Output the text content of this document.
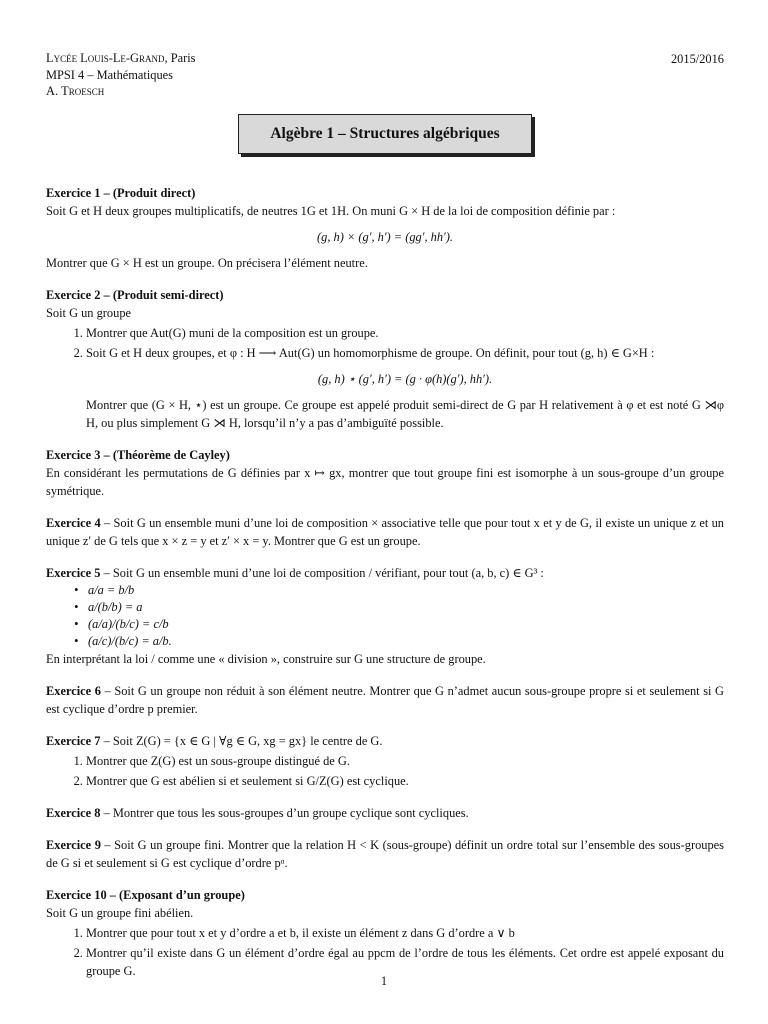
Lycée Louis-Le-Grand, Paris
MPSI 4 – Mathématiques
A. Troesch
2015/2016
Algèbre 1 – Structures algébriques

Exercice 1 – (Produit direct)

Soit G et H deux groupes multiplicatifs, de neutres 1G et 1H. On muni G × H de la loi de composition définie par :

(g, h) × (g′, h′) = (gg′, hh′).

Montrer que G × H est un groupe. On précisera l’élément neutre.

Exercice 2 – (Produit semi-direct)

Soit G un groupe

1. Montrer que Aut(G) muni de la composition est un groupe.
2. Soit G et H deux groupes, et φ : H ⟶ Aut(G) un homomorphisme de groupe. On définit, pour tout (g, h) ∈ G×H :
(g, h) ⋆ (g′, h′) = (g · φ(h)(g′), hh′).
Montrer que (G × H, ⋆) est un groupe. Ce groupe est appelé produit semi-direct de G par H relativement à φ et est noté G ⋊φ H, ou plus simplement G ⋊ H, lorsqu’il n’y a pas d’ambiguïté possible.

Exercice 3 – (Théorème de Cayley)

En considérant les permutations de G définies par x ↦ gx, montrer que tout groupe fini est isomorphe à un sous-groupe d’un groupe symétrique.

Exercice 4 – Soit G un ensemble muni d’une loi de composition × associative telle que pour tout x et y de G, il existe un unique z et un unique z′ de G tels que x × z = y et z′ × x = y. Montrer que G est un groupe.

Exercice 5 – Soit G un ensemble muni d’une loi de composition / vérifiant, pour tout (a, b, c) ∈ G³ :

• a/a = b/b
• a/(b/b) = a
• (a/a)/(b/c) = c/b
• (a/c)/(b/c) = a/b.

En interprétant la loi / comme une « division », construire sur G une structure de groupe.

Exercice 6 – Soit G un groupe non réduit à son élément neutre. Montrer que G n’admet aucun sous-groupe propre si et seulement si G est cyclique d’ordre p premier.

Exercice 7 – Soit Z(G) = {x ∈ G | ∀g ∈ G, xg = gx} le centre de G.

1. Montrer que Z(G) est un sous-groupe distingué de G.
2. Montrer que G est abélien si et seulement si G/Z(G) est cyclique.

Exercice 8 – Montrer que tous les sous-groupes d’un groupe cyclique sont cycliques.

Exercice 9 – Soit G un groupe fini. Montrer que la relation H < K (sous-groupe) définit un ordre total sur l’ensemble des sous-groupes de G si et seulement si G est cyclique d’ordre pᵅ.

Exercice 10 – (Exposant d’un groupe)

Soit G un groupe fini abélien.

1. Montrer que pour tout x et y d’ordre a et b, il existe un élément z dans G d’ordre a ∨ b
2. Montrer qu’il existe dans G un élément d’ordre égal au ppcm de l’ordre de tous les éléments. Cet ordre est appelé exposant du groupe G.
1
